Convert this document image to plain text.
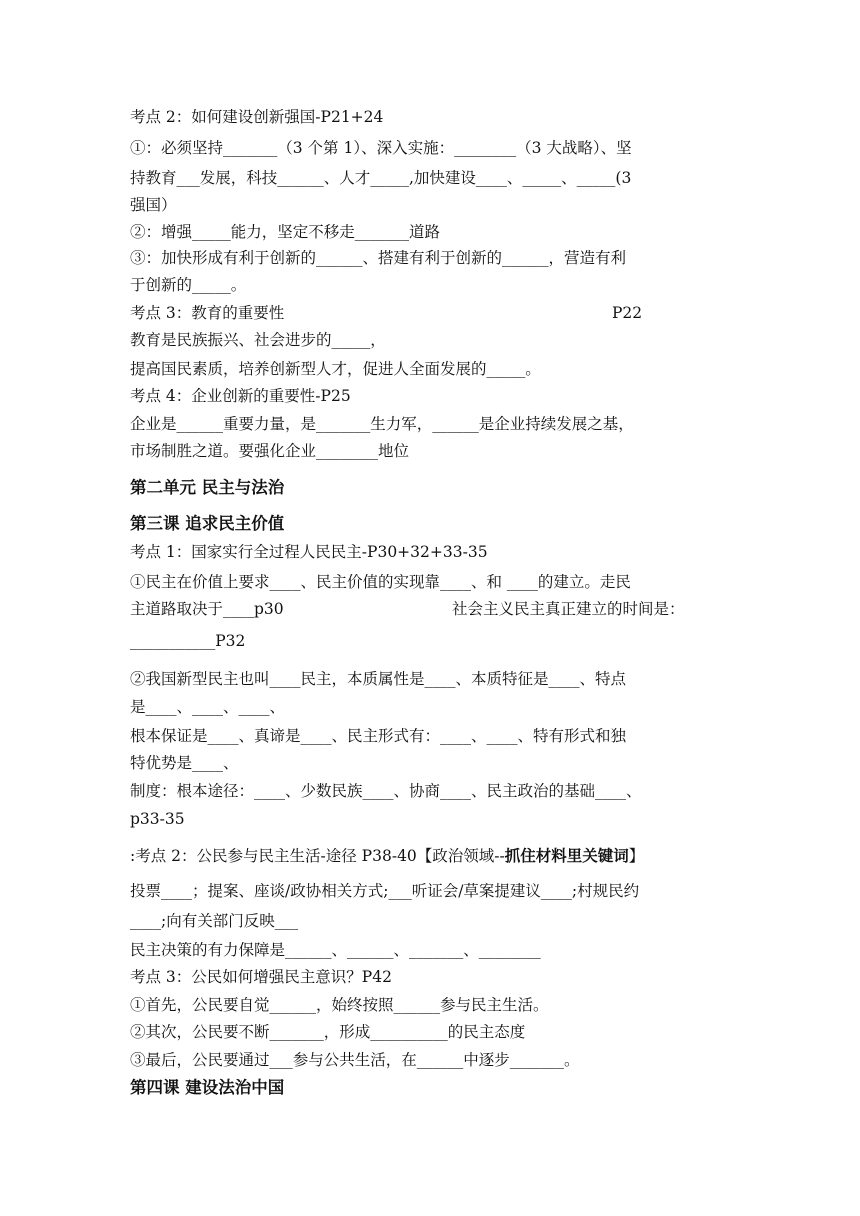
考点 2：如何建设创新强国-P21+24
①：必须坚持_______（3 个第 1）、深入实施：________（3 大战略）、坚
持教育___发展，科技______、人才_____,加快建设____、_____、_____(3
强国）
②：增强_____能力，坚定不移走_______道路
③：加快形成有利于创新的______、搭建有利于创新的______，营造有利
于创新的_____。
考点 3：教育的重要性	P22
教育是民族振兴、社会进步的_____，
提高国民素质，培养创新型人才，促进人全面发展的_____。
考点 4：企业创新的重要性-P25
企业是______重要力量，是_______生力军，______是企业持续发展之基，
市场制胜之道。要强化企业________地位
第二单元 民主与法治
第三课 追求民主价值
考点 1：国家实行全过程人民民主-P30+32+33-35
①民主在价值上要求____、民主价值的实现靠____、和 ____的建立。走民
主道路取决于____p30	社会主义民主真正建立的时间是：
___________P32
②我国新型民主也叫____民主，本质属性是____、本质特征是____、特点
是____、____、____、
根本保证是____、真谛是____、民主形式有：____、____、特有形式和独
特优势是____、
制度：根本途径：____、少数民族____、协商____、民主政治的基础____、
p33-35
:考点 2：公民参与民主生活-途径 P38-40【政治领域--抓住材料里关键词】
投票____；提案、座谈/政协相关方式;___听证会/草案提建议____;村规民约
____;向有关部门反映___
民主决策的有力保障是______、______、_______、________
考点 3：公民如何增强民主意识？P42
①首先，公民要自觉______，始终按照______参与民主生活。
②其次，公民要不断_______，形成__________的民主态度
③最后，公民要通过___参与公共生活，在______中逐步_______。
第四课 建设法治中国
